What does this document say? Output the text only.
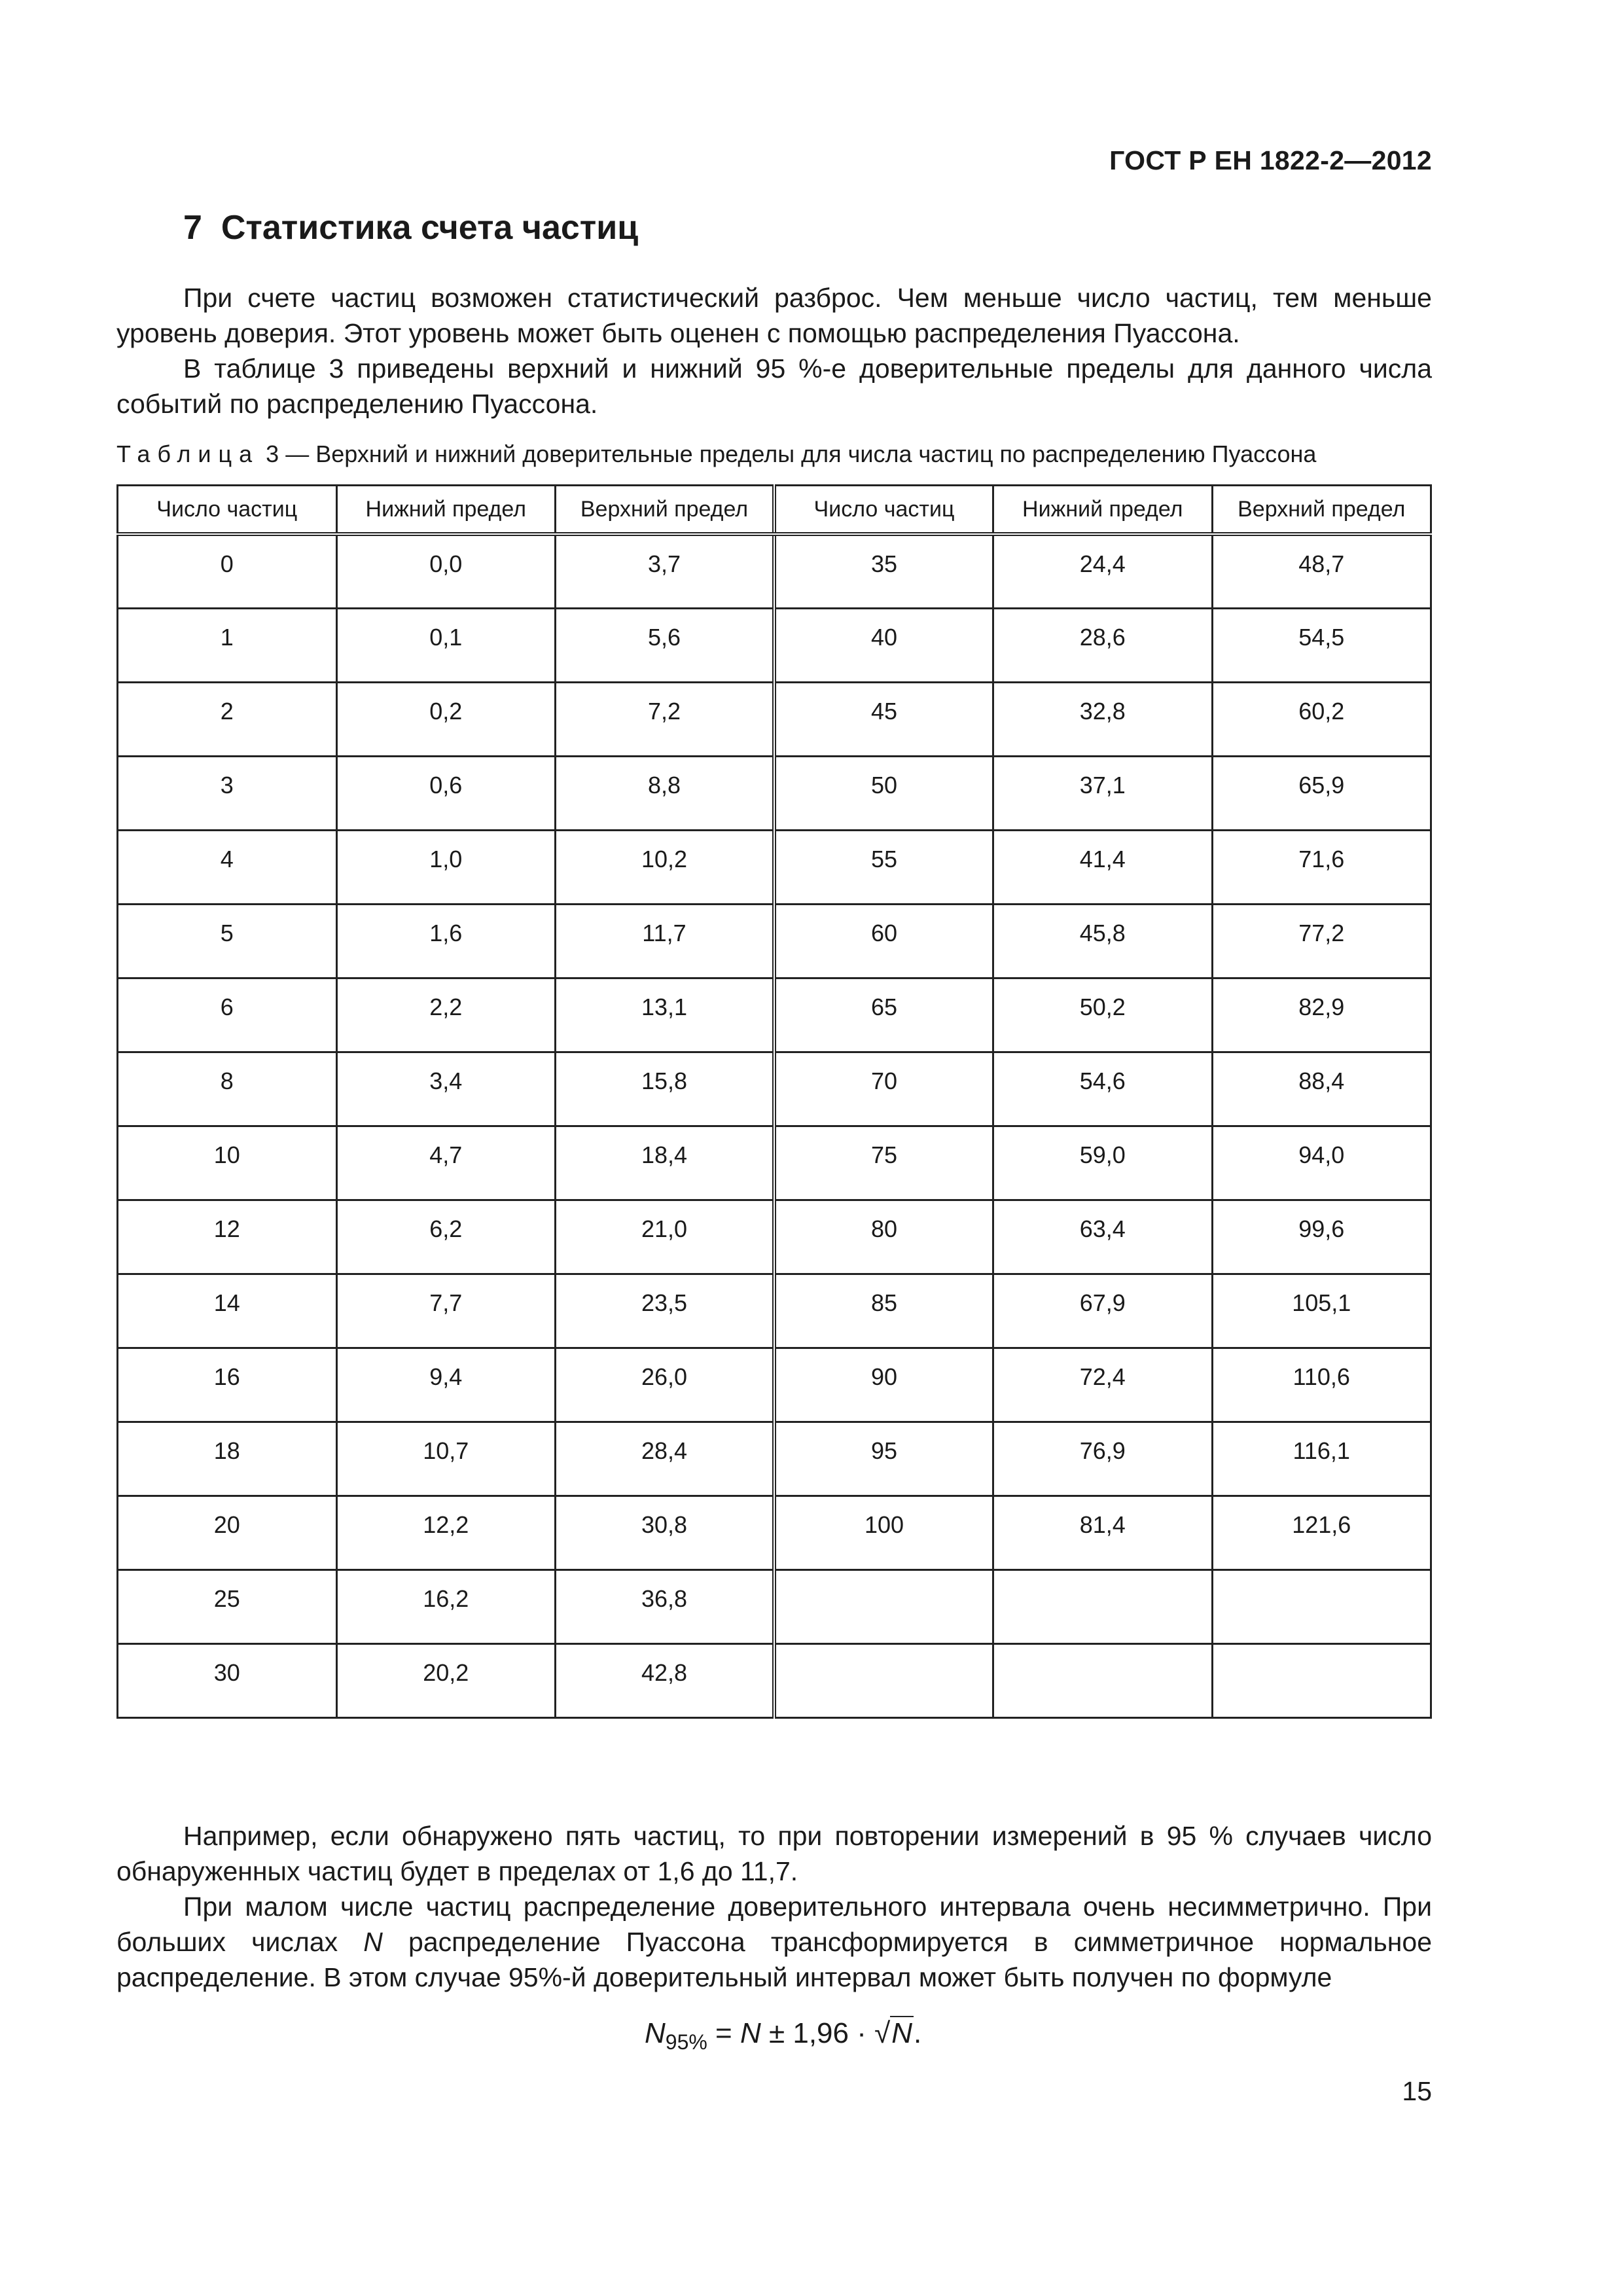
ГОСТ Р ЕН 1822-2—2012
7 Статистика счета частиц

При счете частиц возможен статистический разброс. Чем меньше число частиц, тем меньше уровень доверия. Этот уровень может быть оценен с помощью распределения Пуассона.

В таблице 3 приведены верхний и нижний 95 %-е доверительные пределы для данного числа событий по распределению Пуассона.

Таблица 3 — Верхний и нижний доверительные пределы для числа частиц по распределению Пуассона
Число частиц	Нижний предел	Верхний предел	Число частиц	Нижний предел	Верхний предел
0	0,0	3,7	35	24,4	48,7
1	0,1	5,6	40	28,6	54,5
2	0,2	7,2	45	32,8	60,2
3	0,6	8,8	50	37,1	65,9
4	1,0	10,2	55	41,4	71,6
5	1,6	11,7	60	45,8	77,2
6	2,2	13,1	65	50,2	82,9
8	3,4	15,8	70	54,6	88,4
10	4,7	18,4	75	59,0	94,0
12	6,2	21,0	80	63,4	99,6
14	7,7	23,5	85	67,9	105,1
16	9,4	26,0	90	72,4	110,6
18	10,7	28,4	95	76,9	116,1
20	12,2	30,8	100	81,4	121,6
25	16,2	36,8			
30	20,2	42,8			

Например, если обнаружено пять частиц, то при повторении измерений в 95 % случаев число обнаруженных частиц будет в пределах от 1,6 до 11,7.

При малом числе частиц распределение доверительного интервала очень несимметрично. При больших числах N распределение Пуассона трансформируется в симметричное нормальное распределение. В этом случае 95%-й доверительный интервал может быть получен по формуле

$N_{95\%} = N \pm 1,96 \cdot √N$.
15
